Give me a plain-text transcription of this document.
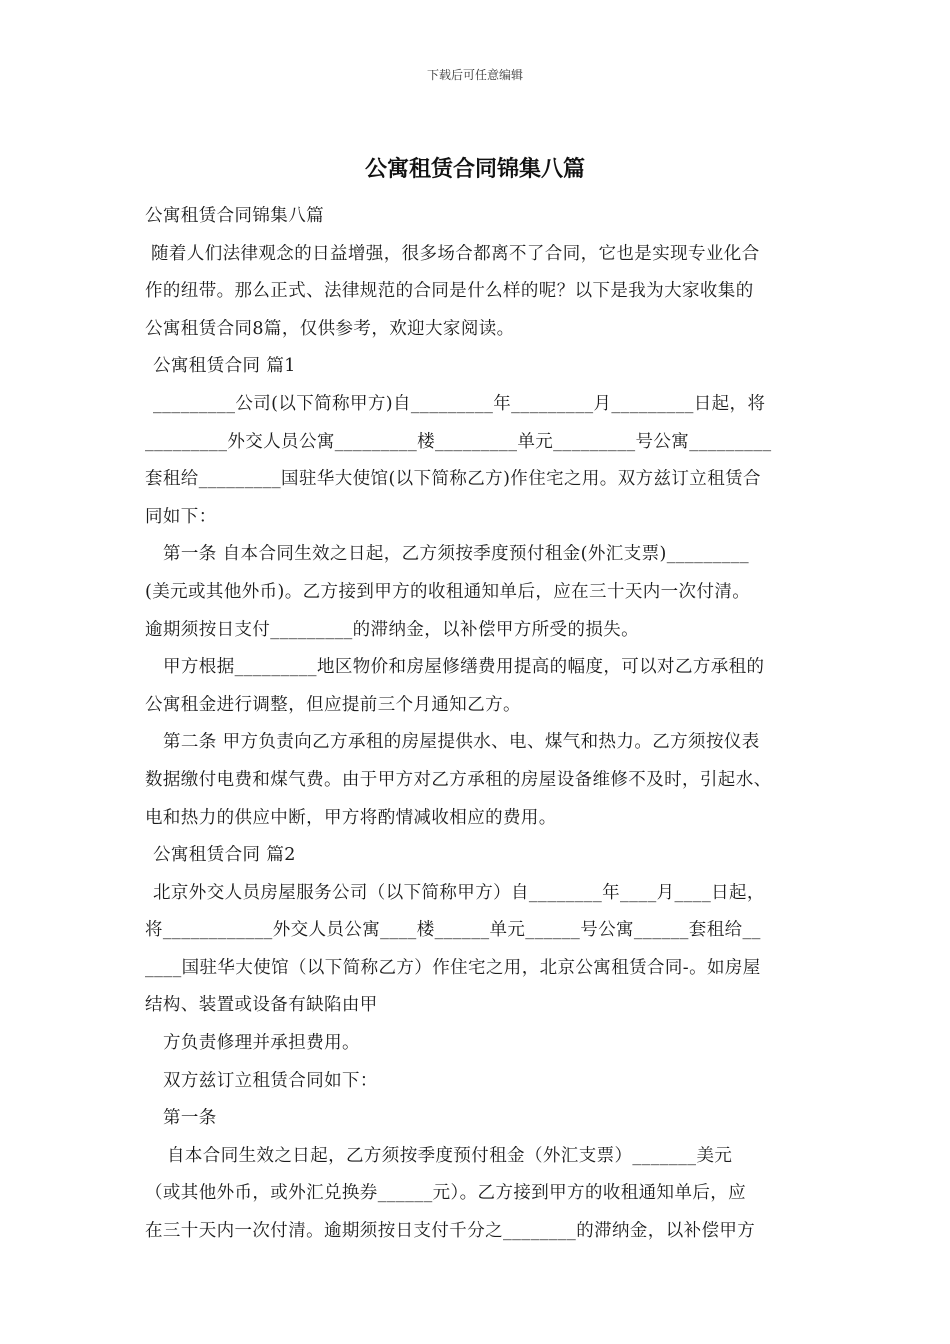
下载后可任意编辑
公寓租赁合同锦集八篇
公寓租赁合同锦集八篇
随着人们法律观念的日益增强，很多场合都离不了合同，它也是实现专业化合
作的纽带。那么正式、法律规范的合同是什么样的呢？以下是我为大家收集的
公寓租赁合同8篇，仅供参考，欢迎大家阅读。
公寓租赁合同 篇1
_________公司(以下简称甲方)自_________年_________月_________日起，将
_________外交人员公寓_________楼_________单元_________号公寓_________
套租给_________国驻华大使馆(以下简称乙方)作住宅之用。双方兹订立租赁合
同如下：
第一条 自本合同生效之日起，乙方须按季度预付租金(外汇支票)_________
(美元或其他外币)。乙方接到甲方的收租通知单后，应在三十天内一次付清。
逾期须按日支付_________的滞纳金，以补偿甲方所受的损失。
甲方根据_________地区物价和房屋修缮费用提高的幅度，可以对乙方承租的
公寓租金进行调整，但应提前三个月通知乙方。
第二条 甲方负责向乙方承租的房屋提供水、电、煤气和热力。乙方须按仪表
数据缴付电费和煤气费。由于甲方对乙方承租的房屋设备维修不及时，引起水、
电和热力的供应中断，甲方将酌情减收相应的费用。
公寓租赁合同 篇2
北京外交人员房屋服务公司（以下简称甲方）自________年____月____日起，
将____________外交人员公寓____楼______单元______号公寓______套租给__
____国驻华大使馆（以下简称乙方）作住宅之用，北京公寓租赁合同-。如房屋
结构、装置或设备有缺陷由甲
方负责修理并承担费用。
双方兹订立租赁合同如下：
第一条
自本合同生效之日起，乙方须按季度预付租金（外汇支票）_______美元
（或其他外币，或外汇兑换券______元）。乙方接到甲方的收租通知单后，应
在三十天内一次付清。逾期须按日支付千分之________的滞纳金，以补偿甲方
